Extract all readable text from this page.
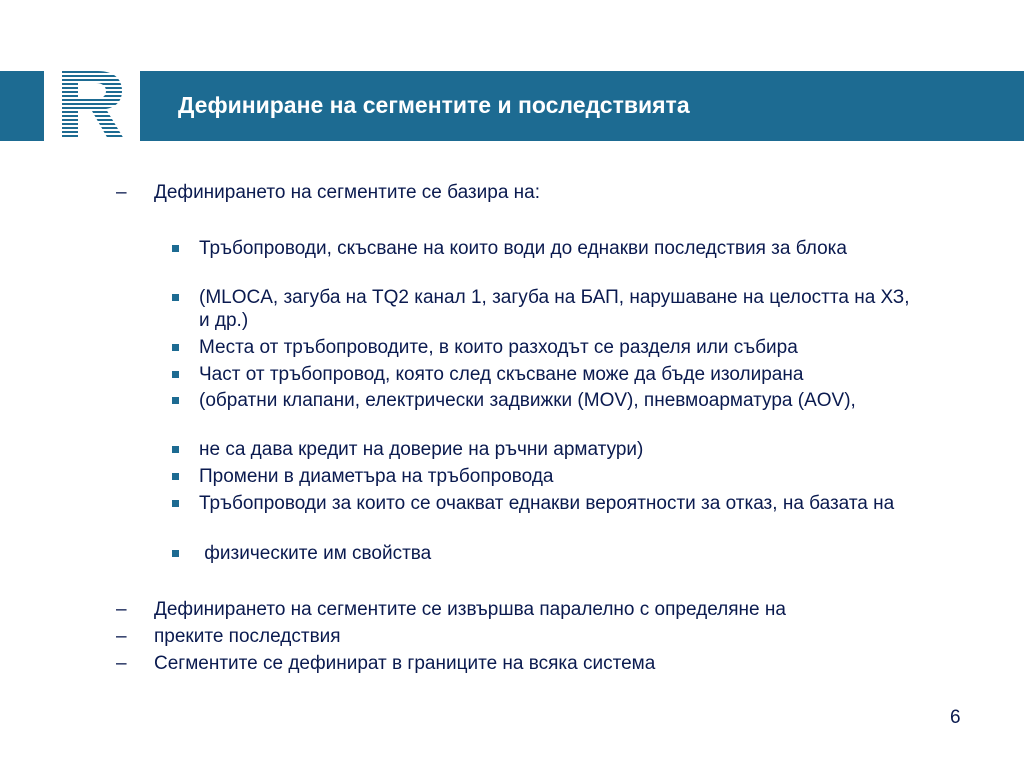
Дефиниране на сегментите и последствията
– Дефинирането на сегментите се базира на:
Тръбопроводи, скъсване на които води до еднакви последствия за блока
(MLOCA, загуба на TQ2 канал 1, загуба на БАП, нарушаване на целостта на ХЗ, и др.)
Места от тръбопроводите, в които разходът се разделя или събира
Част от тръбопровод, която след скъсване може да бъде изолирана
(обратни клапани, електрически задвижки (MOV), пневмоарматура (AOV),
не са дава кредит на доверие на ръчни арматури)
Промени в диаметъра на тръбопровода
Тръбопроводи за които се очакват еднакви вероятности за отказ, на базата на
физическите им свойства
– Дефинирането на сегментите се извършва паралелно с определяне на
– преките последствия
– Сегментите се дефинират в границите на всяка система
6
